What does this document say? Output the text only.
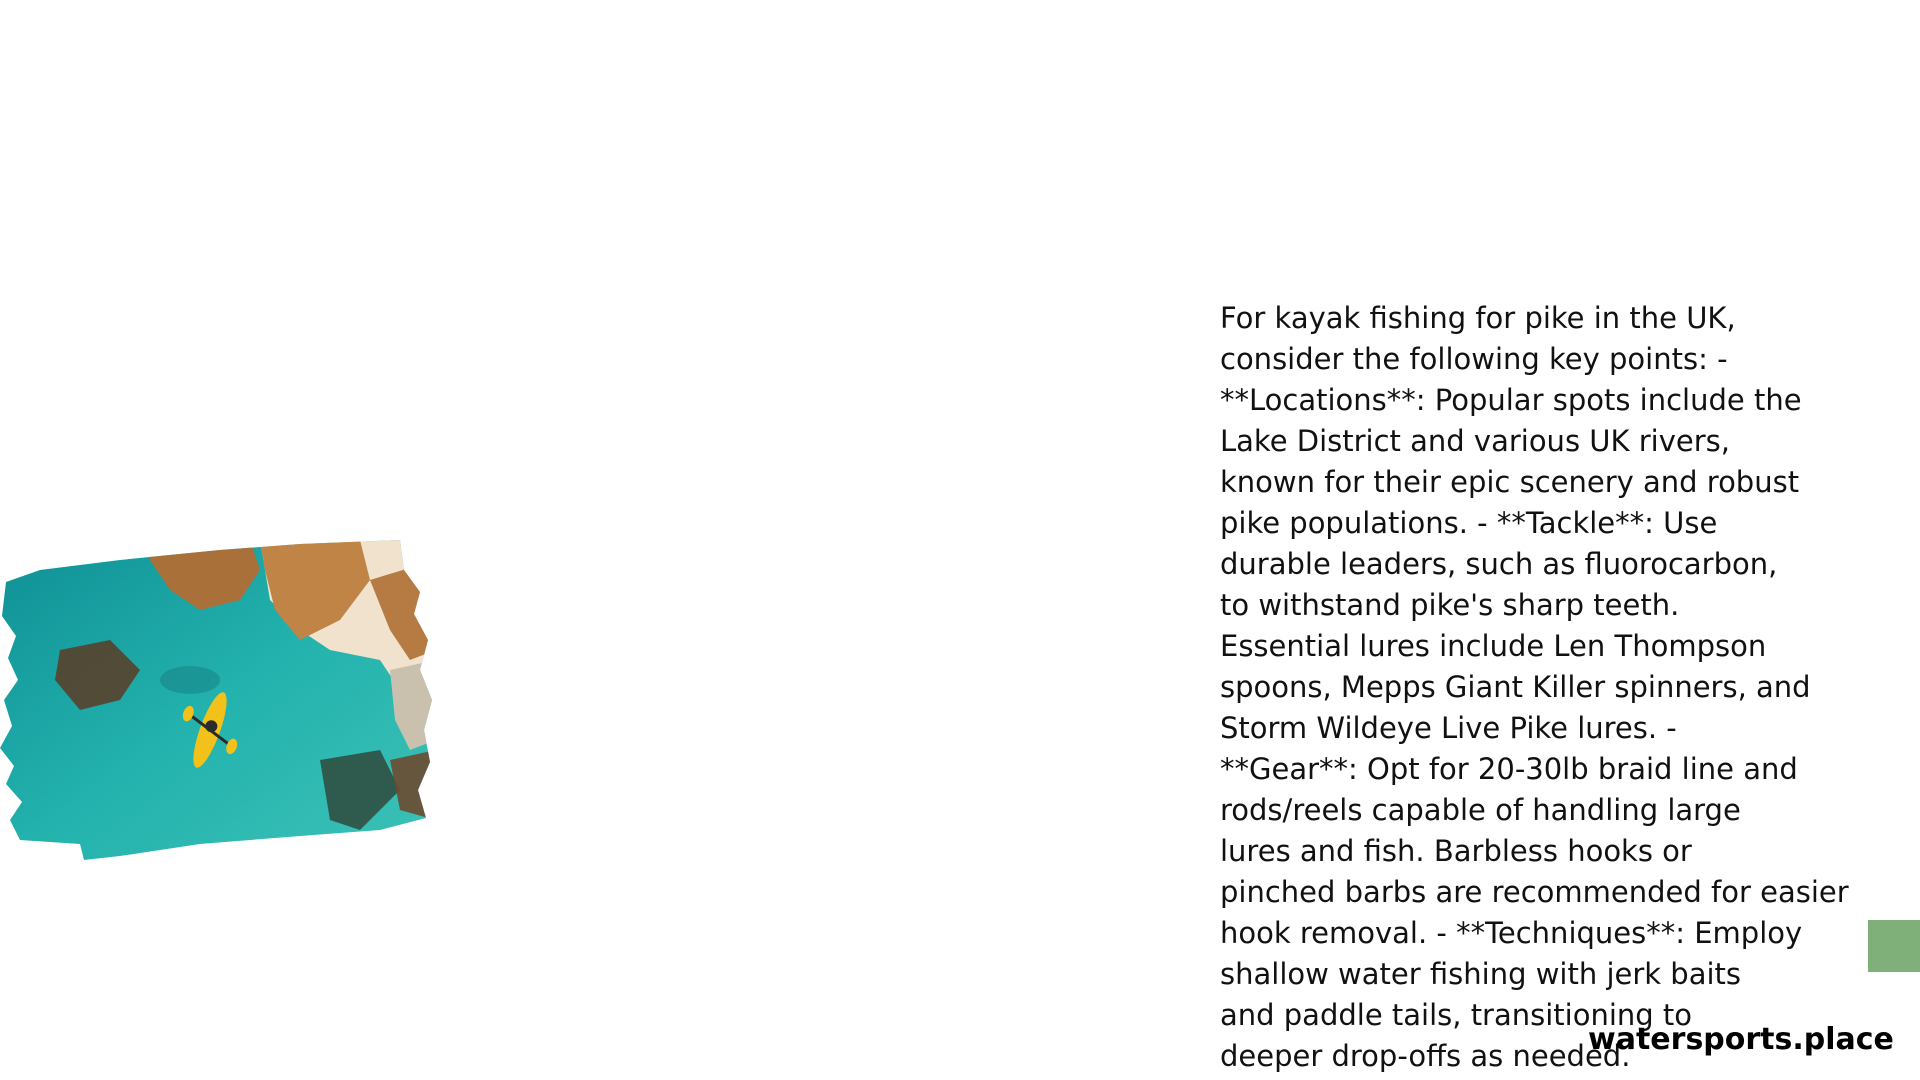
For kayak fishing for pike in the UK,
consider the following key points: -
**Locations**: Popular spots include the
Lake District and various UK rivers,
known for their epic scenery and robust
pike populations. - **Tackle**: Use
durable leaders, such as fluorocarbon,
to withstand pike's sharp teeth.
Essential lures include Len Thompson
spoons, Mepps Giant Killer spinners, and
Storm Wildeye Live Pike lures. -
**Gear**: Opt for 20-30lb braid line and
rods/reels capable of handling large
lures and fish. Barbless hooks or
pinched barbs are recommended for easier
hook removal. - **Techniques**: Employ
shallow water fishing with jerk baits
and paddle tails, transitioning to
deeper drop-offs as needed.

watersports.place
